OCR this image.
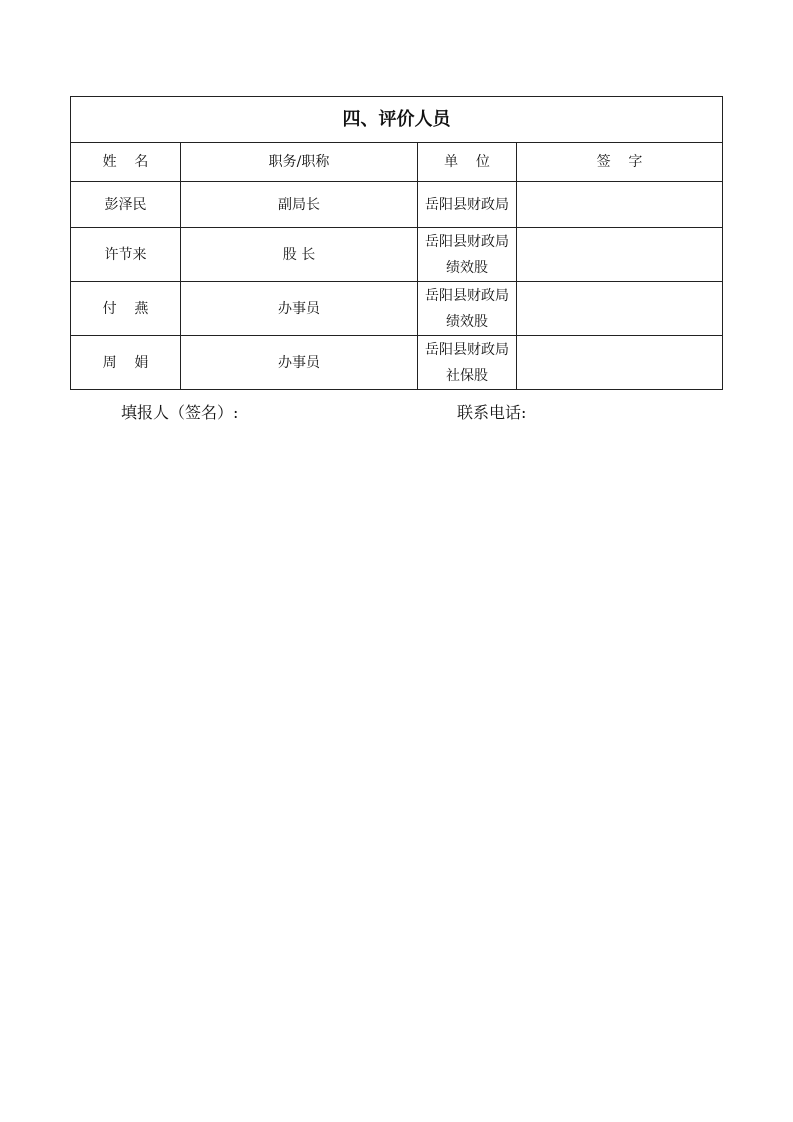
四、评价人员			
姓    名	职务/职称	单    位	签    字
彭泽民	副局长	岳阳县财政局	

许节来	股 长	岳阳县财政局
绩效股	

付    燕	办事员	岳阳县财政局
绩效股	

周    娟	办事员	岳阳县财政局
社保股	

填报人（签名）:	联系电话:
